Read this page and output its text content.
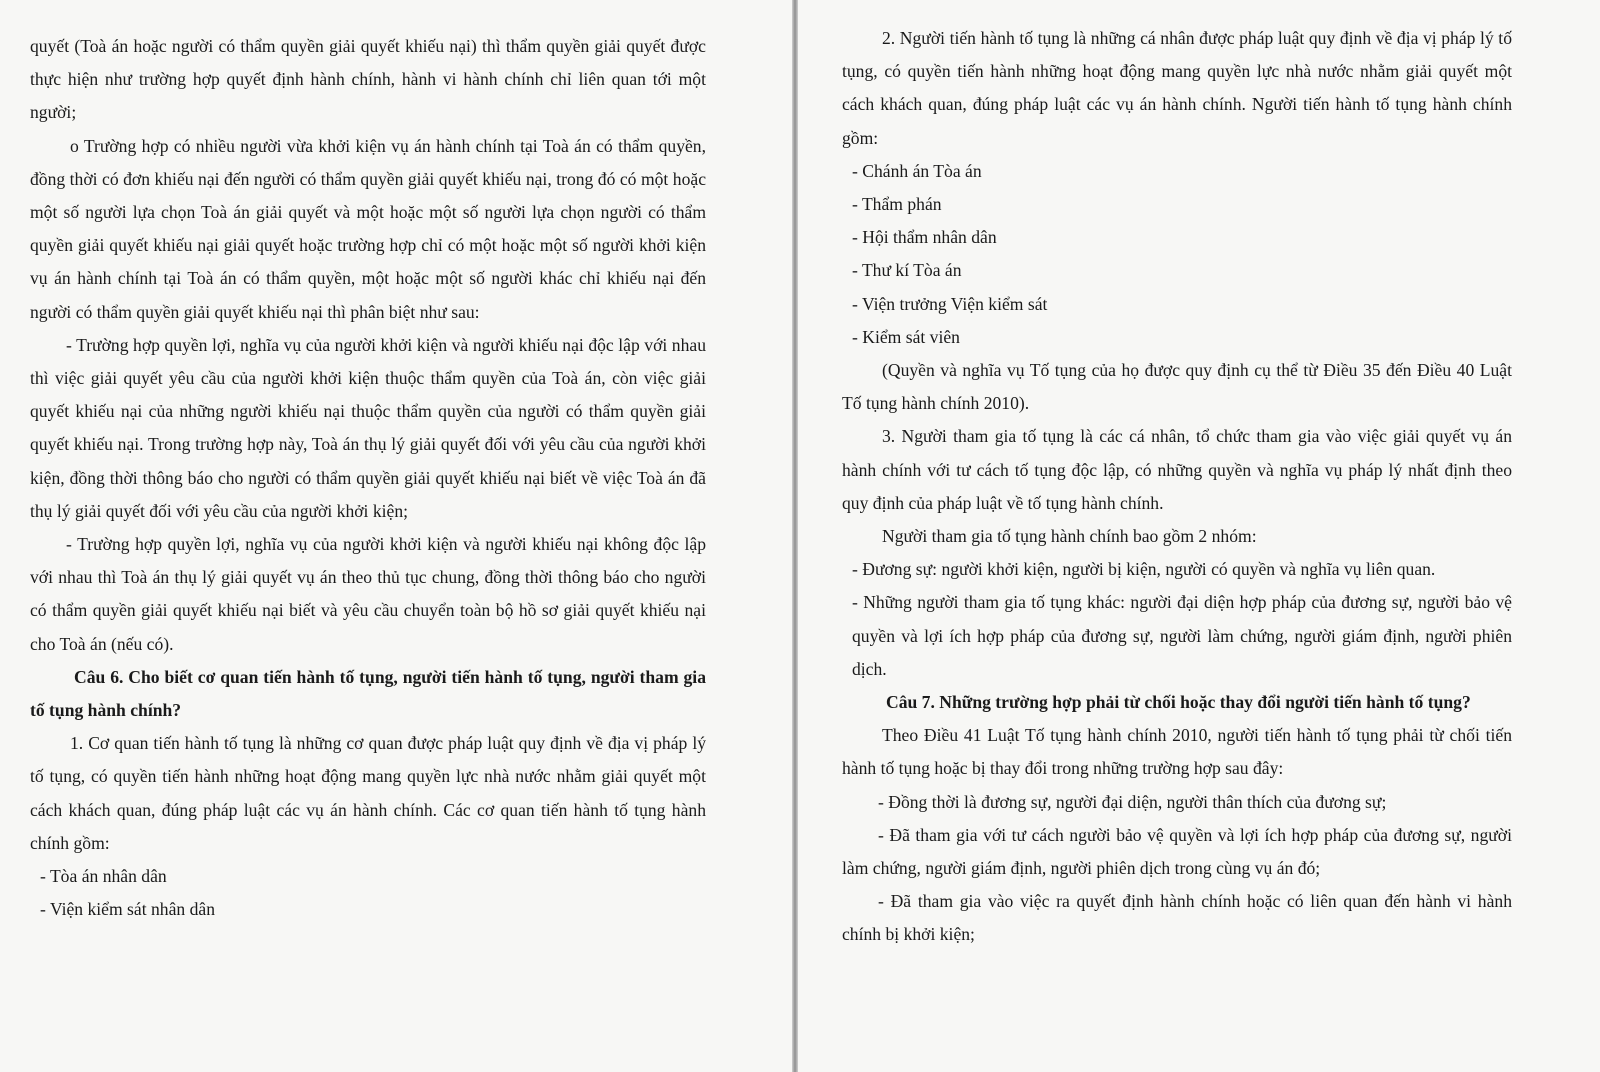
quyết (Toà án hoặc người có thẩm quyền giải quyết khiếu nại) thì thẩm quyền giải quyết được thực hiện như trường hợp quyết định hành chính, hành vi hành chính chỉ liên quan tới một người;

o Trường hợp có nhiều người vừa khởi kiện vụ án hành chính tại Toà án có thẩm quyền, đồng thời có đơn khiếu nại đến người có thẩm quyền giải quyết khiếu nại, trong đó có một hoặc một số người lựa chọn Toà án giải quyết và một hoặc một số người lựa chọn người có thẩm quyền giải quyết khiếu nại giải quyết hoặc trường hợp chỉ có một hoặc một số người khởi kiện vụ án hành chính tại Toà án có thẩm quyền, một hoặc một số người khác chỉ khiếu nại đến người có thẩm quyền giải quyết khiếu nại thì phân biệt như sau:

- Trường hợp quyền lợi, nghĩa vụ của người khởi kiện và người khiếu nại độc lập với nhau thì việc giải quyết yêu cầu của người khởi kiện thuộc thẩm quyền của Toà án, còn việc giải quyết khiếu nại của những người khiếu nại thuộc thẩm quyền của người có thẩm quyền giải quyết khiếu nại. Trong trường hợp này, Toà án thụ lý giải quyết đối với yêu cầu của người khởi kiện, đồng thời thông báo cho người có thẩm quyền giải quyết khiếu nại biết về việc Toà án đã thụ lý giải quyết đối với yêu cầu của người khởi kiện;

- Trường hợp quyền lợi, nghĩa vụ của người khởi kiện và người khiếu nại không độc lập với nhau thì Toà án thụ lý giải quyết vụ án theo thủ tục chung, đồng thời thông báo cho người có thẩm quyền giải quyết khiếu nại biết và yêu cầu chuyển toàn bộ hồ sơ giải quyết khiếu nại cho Toà án (nếu có).

Câu 6. Cho biết cơ quan tiến hành tố tụng, người tiến hành tố tụng, người tham gia tố tụng hành chính?

1. Cơ quan tiến hành tố tụng là những cơ quan được pháp luật quy định về địa vị pháp lý tố tụng, có quyền tiến hành những hoạt động mang quyền lực nhà nước nhằm giải quyết một cách khách quan, đúng pháp luật các vụ án hành chính. Các cơ quan tiến hành tố tụng hành chính gồm:

- Tòa án nhân dân

- Viện kiểm sát nhân dân

2. Người tiến hành tố tụng là những cá nhân được pháp luật quy định về địa vị pháp lý tố tụng, có quyền tiến hành những hoạt động mang quyền lực nhà nước nhằm giải quyết một cách khách quan, đúng pháp luật các vụ án hành chính. Người tiến hành tố tụng hành chính gồm:

- Chánh án Tòa án

- Thẩm phán

- Hội thẩm nhân dân

- Thư kí Tòa án

- Viện trưởng Viện kiểm sát

- Kiểm sát viên

(Quyền và nghĩa vụ Tố tụng của họ được quy định cụ thể từ Điều 35 đến Điều 40 Luật Tố tụng hành chính 2010).

3. Người tham gia tố tụng là các cá nhân, tổ chức tham gia vào việc giải quyết vụ án hành chính với tư cách tố tụng độc lập, có những quyền và nghĩa vụ pháp lý nhất định theo quy định của pháp luật về tố tụng hành chính.

Người tham gia tố tụng hành chính bao gồm 2 nhóm:

- Đương sự: người khởi kiện, người bị kiện, người có quyền và nghĩa vụ liên quan.

- Những người tham gia tố tụng khác: người đại diện hợp pháp của đương sự, người bảo vệ quyền và lợi ích hợp pháp của đương sự, người làm chứng, người giám định, người phiên dịch.

Câu 7. Những trường hợp phải từ chối hoặc thay đổi người tiến hành tố tụng?

Theo Điều 41 Luật Tố tụng hành chính 2010, người tiến hành tố tụng phải từ chối tiến hành tố tụng hoặc bị thay đổi trong những trường hợp sau đây:

- Đồng thời là đương sự, người đại diện, người thân thích của đương sự;

- Đã tham gia với tư cách người bảo vệ quyền và lợi ích hợp pháp của đương sự, người làm chứng, người giám định, người phiên dịch trong cùng vụ án đó;

- Đã tham gia vào việc ra quyết định hành chính hoặc có liên quan đến hành vi hành chính bị khởi kiện;
